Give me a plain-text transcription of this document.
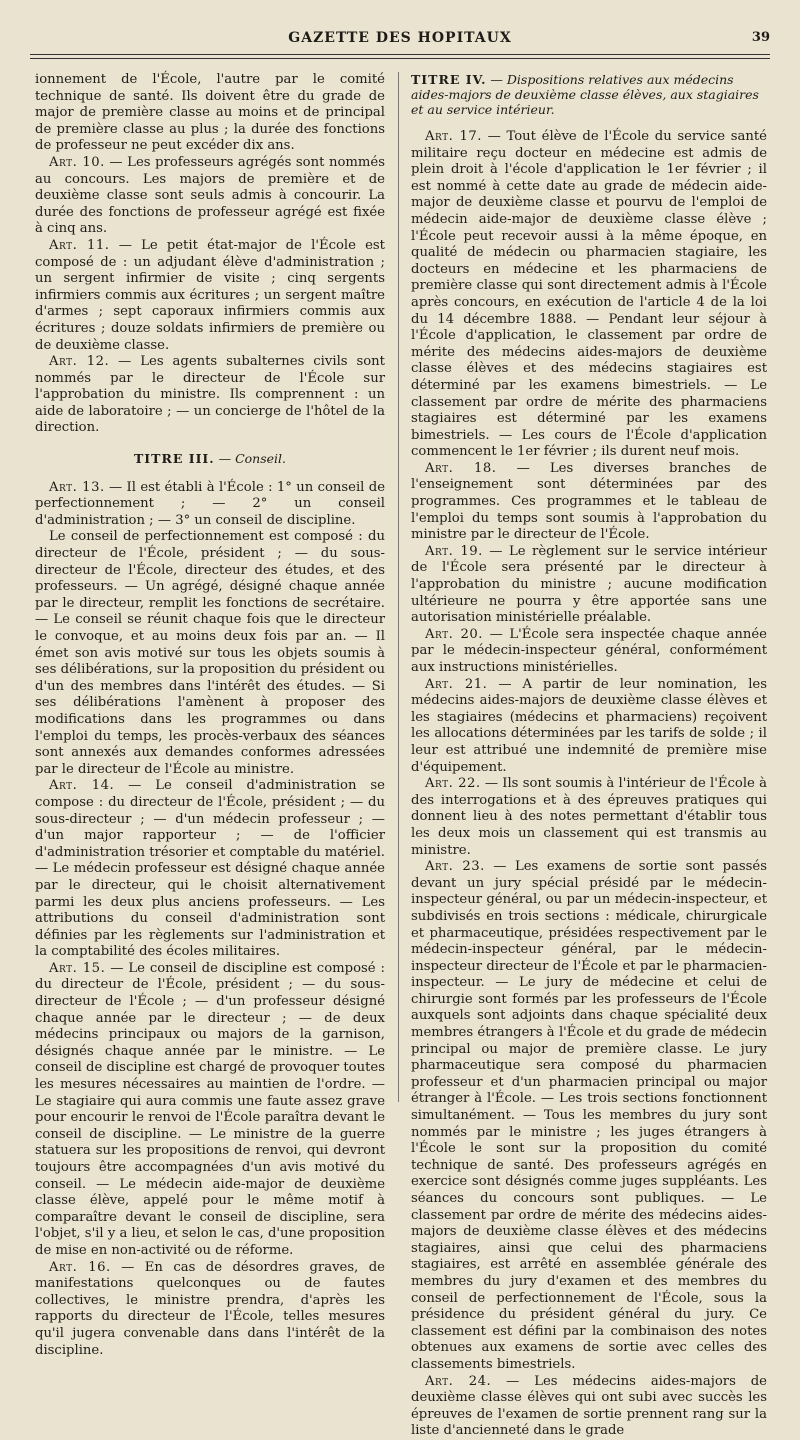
GAZETTE DES HOPITAUX	39

ionnement de l'École, l'autre par le comité technique de santé. Ils doivent être du grade de major de première classe au moins et de principal de première classe au plus ; la durée des fonctions de professeur ne peut excéder dix ans.

Art. 10. — Les professeurs agrégés sont nommés au concours. Les majors de première et de deuxième classe sont seuls admis à concourir. La durée des fonctions de professeur agrégé est fixée à cinq ans.

Art. 11. — Le petit état-major de l'École est composé de : un adjudant élève d'administration ; un sergent infirmier de visite ; cinq sergents infirmiers commis aux écritures ; un sergent maître d'armes ; sept caporaux infirmiers commis aux écritures ; douze soldats infirmiers de première ou de deuxième classe.

Art. 12. — Les agents subalternes civils sont nommés par le directeur de l'École sur l'approbation du ministre. Ils comprennent : un aide de laboratoire ; — un concierge de l'hôtel de la direction.

TITRE III. — Conseil.

Art. 13. — Il est établi à l'École : 1° un conseil de perfectionnement ; — 2° un conseil d'administration ; — 3° un conseil de discipline.

Le conseil de perfectionnement est composé : du directeur de l'École, président ; — du sous-directeur de l'École, directeur des études, et des professeurs. — Un agrégé, désigné chaque année par le directeur, remplit les fonctions de secrétaire. — Le conseil se réunit chaque fois que le directeur le convoque, et au moins deux fois par an. — Il émet son avis motivé sur tous les objets soumis à ses délibérations, sur la proposition du président ou d'un des membres dans l'intérêt des études. — Si ses délibérations l'amènent à proposer des modifications dans les programmes ou dans l'emploi du temps, les procès-verbaux des séances sont annexés aux demandes conformes adressées par le directeur de l'École au ministre.

Art. 14. — Le conseil d'administration se compose : du directeur de l'École, président ; — du sous-directeur ; — d'un médecin professeur ; — d'un major rapporteur ; — de l'officier d'administration trésorier et comptable du matériel. — Le médecin professeur est désigné chaque année par le directeur, qui le choisit alternativement parmi les deux plus anciens professeurs. — Les attributions du conseil d'administration sont définies par les règlements sur l'administration et la comptabilité des écoles militaires.

Art. 15. — Le conseil de discipline est composé : du directeur de l'École, président ; — du sous-directeur de l'École ; — d'un professeur désigné chaque année par le directeur ; — de deux médecins principaux ou majors de la garnison, désignés chaque année par le ministre. — Le conseil de discipline est chargé de provoquer toutes les mesures nécessaires au maintien de l'ordre. — Le stagiaire qui aura commis une faute assez grave pour encourir le renvoi de l'École paraîtra devant le conseil de discipline. — Le ministre de la guerre statuera sur les propositions de renvoi, qui devront toujours être accompagnées d'un avis motivé du conseil. — Le médecin aide-major de deuxième classe élève, appelé pour le même motif à comparaître devant le conseil de discipline, sera l'objet, s'il y a lieu, et selon le cas, d'une proposition de mise en non-activité ou de réforme.

Art. 16. — En cas de désordres graves, de manifestations quelconques ou de fautes collectives, le ministre prendra, d'après les rapports du directeur de l'École, telles mesures qu'il jugera convenable dans dans l'intérêt de la discipline.

TITRE IV. — Dispositions relatives aux médecins aides-majors de deuxième classe élèves, aux stagiaires et au service intérieur.

Art. 17. — Tout élève de l'École du service santé militaire reçu docteur en médecine est admis de plein droit à l'école d'application le 1er février ; il est nommé à cette date au grade de médecin aide-major de deuxième classe et pourvu de l'emploi de médecin aide-major de deuxième classe élève ; l'École peut recevoir aussi à la même époque, en qualité de médecin ou pharmacien stagiaire, les docteurs en médecine et les pharmaciens de première classe qui sont directement admis à l'École après concours, en exécution de l'article 4 de la loi du 14 décembre 1888. — Pendant leur séjour à l'École d'application, le classement par ordre de mérite des médecins aides-majors de deuxième classe élèves et des médecins stagiaires est déterminé par les examens bimestriels. — Le classement par ordre de mérite des pharmaciens stagiaires est déterminé par les examens bimestriels. — Les cours de l'École d'application commencent le 1er février ; ils durent neuf mois.

Art. 18. — Les diverses branches de l'enseignement sont déterminées par des programmes. Ces programmes et le tableau de l'emploi du temps sont soumis à l'approbation du ministre par le directeur de l'École.

Art. 19. — Le règlement sur le service intérieur de l'École sera présenté par le directeur à l'approbation du ministre ; aucune modification ultérieure ne pourra y être apportée sans une autorisation ministérielle préalable.

Art. 20. — L'École sera inspectée chaque année par le médecin-inspecteur général, conformément aux instructions ministérielles.

Art. 21. — A partir de leur nomination, les médecins aides-majors de deuxième classe élèves et les stagiaires (médecins et pharmaciens) reçoivent les allocations déterminées par les tarifs de solde ; il leur est attribué une indemnité de première mise d'équipement.

Art. 22. — Ils sont soumis à l'intérieur de l'École à des interrogations et à des épreuves pratiques qui donnent lieu à des notes permettant d'établir tous les deux mois un classement qui est transmis au ministre.

Art. 23. — Les examens de sortie sont passés devant un jury spécial présidé par le médecin-inspecteur général, ou par un médecin-inspecteur, et subdivisés en trois sections : médicale, chirurgicale et pharmaceutique, présidées respectivement par le médecin-inspecteur général, par le médecin-inspecteur directeur de l'École et par le pharmacien-inspecteur. — Le jury de médecine et celui de chirurgie sont formés par les professeurs de l'École auxquels sont adjoints dans chaque spécialité deux membres étrangers à l'École et du grade de médecin principal ou major de première classe. Le jury pharmaceutique sera composé du pharmacien professeur et d'un pharmacien principal ou major étranger à l'École. — Les trois sections fonctionnent simultanément. — Tous les membres du jury sont nommés par le ministre ; les juges étrangers à l'École le sont sur la proposition du comité technique de santé. Des professeurs agrégés en exercice sont désignés comme juges suppléants. Les séances du concours sont publiques. — Le classement par ordre de mérite des médecins aides-majors de deuxième classe élèves et des médecins stagiaires, ainsi que celui des pharmaciens stagiaires, est arrêté en assemblée générale des membres du jury d'examen et des membres du conseil de perfectionnement de l'École, sous la présidence du président général du jury. Ce classement est défini par la combinaison des notes obtenues aux examens de sortie avec celles des classements bimestriels.

Art. 24. — Les médecins aides-majors de deuxième classe élèves qui ont subi avec succès les épreuves de l'examen de sortie prennent rang sur la liste d'ancienneté dans le grade
